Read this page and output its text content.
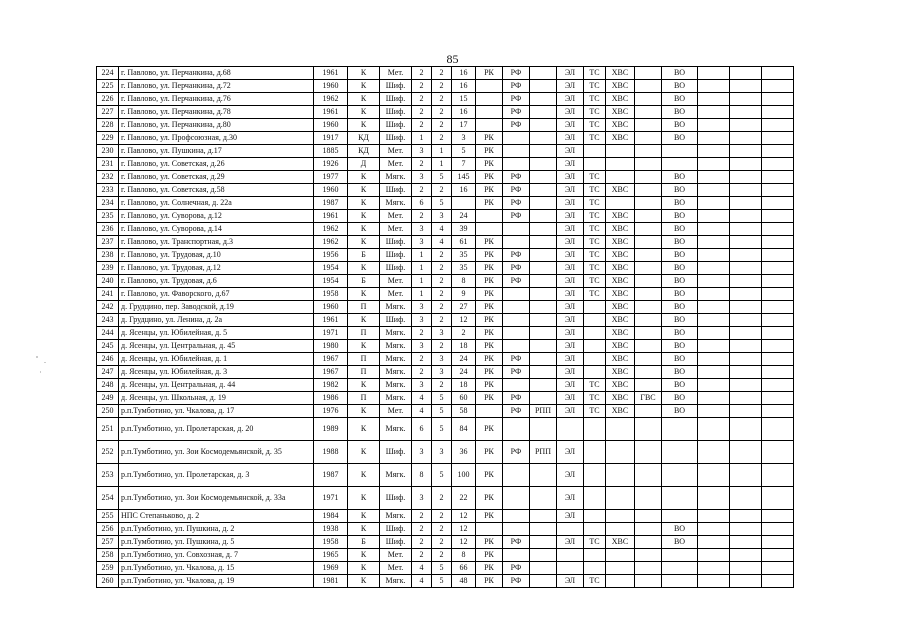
85
224	г. Павлово, ул. Перчанкина, д.68	1961	К	Мет.	2	2	16	РК	РФ		ЭЛ	ТС	ХВС		ВО			
225	г. Павлово, ул. Перчанкина, д.72	1960	К	Шиф.	2	2	16		РФ		ЭЛ	ТС	ХВС		ВО			
226	г. Павлово, ул. Перчанкина, д.76	1962	К	Шиф.	2	2	15		РФ		ЭЛ	ТС	ХВС		ВО			
227	г. Павлово, ул. Перчанкина, д.78	1961	К	Шиф.	2	2	16		РФ		ЭЛ	ТС	ХВС		ВО			
228	г. Павлово, ул. Перчанкина, д.80	1960	К	Шиф.	2	2	17		РФ		ЭЛ	ТС	ХВС		ВО			
229	г. Павлово, ул. Профсоюзная, д.30	1917	КД	Шиф.	1	2	3	РК			ЭЛ	ТС	ХВС		ВО			
230	г. Павлово, ул. Пушкина, д.17	1885	КД	Мет.	3	1	5	РК			ЭЛ							
231	г. Павлово, ул. Советская, д.26	1926	Д	Мет.	2	1	7	РК			ЭЛ							
232	г. Павлово, ул. Советская, д.29	1977	К	Мягк.	3	5	145	РК	РФ		ЭЛ	ТС			ВО			
233	г. Павлово, ул. Советская, д.58	1960	К	Шиф.	2	2	16	РК	РФ		ЭЛ	ТС	ХВС		ВО			
234	г. Павлово, ул. Солнечная, д. 22а	1987	К	Мягк.	6	5		РК	РФ		ЭЛ	ТС			ВО			
235	г. Павлово, ул. Суворова, д.12	1961	К	Мет.	2	3	24		РФ		ЭЛ	ТС	ХВС		ВО			
236	г. Павлово, ул. Суворова, д.14	1962	К	Мет.	3	4	39				ЭЛ	ТС	ХВС		ВО			
237	г. Павлово, ул. Транспортная, д.3	1962	К	Шиф.	3	4	61	РК			ЭЛ	ТС	ХВС		ВО			
238	г. Павлово, ул. Трудовая, д.10	1956	Б	Шиф.	1	2	35	РК	РФ		ЭЛ	ТС	ХВС		ВО			
239	г. Павлово, ул. Трудовая, д.12	1954	К	Шиф.	1	2	35	РК	РФ		ЭЛ	ТС	ХВС		ВО			
240	г. Павлово, ул. Трудовая, д.6	1954	Б	Мет.	1	2	8	РК	РФ		ЭЛ	ТС	ХВС		ВО			
241	г. Павлово, ул. Фаворского, д.67	1958	К	Мет.	1	2	9	РК			ЭЛ	ТС	ХВС		ВО			
242	д. Грудцино, пер. Заводской, д.19	1960	П	Мягк.	3	2	27	РК			ЭЛ		ХВС		ВО			
243	д. Грудцино, ул. Ленина, д. 2а	1961	К	Шиф.	3	2	12	РК			ЭЛ		ХВС		ВО			
244	д. Ясенцы, ул. Юбилейная, д. 5	1971	П	Мягк.	2	3	2	РК			ЭЛ		ХВС		ВО			
245	д. Ясенцы, ул. Центральная, д. 45	1980	К	Мягк.	3	2	18	РК			ЭЛ		ХВС		ВО			
246	д. Ясенцы, ул. Юбилейная, д. 1	1967	П	Мягк.	2	3	24	РК	РФ		ЭЛ		ХВС		ВО			
247	д. Ясенцы, ул. Юбилейная, д. 3	1967	П	Мягк.	2	3	24	РК	РФ		ЭЛ		ХВС		ВО			
248	д. Ясенцы, ул. Центральная, д. 44	1982	К	Мягк.	3	2	18	РК			ЭЛ	ТС	ХВС		ВО			
249	д. Ясенцы, ул. Школьная, д. 19	1986	П	Мягк.	4	5	60	РК	РФ		ЭЛ	ТС	ХВС	ГВС	ВО			
250	р.п.Тумботино, ул. Чкалова, д. 17	1976	К	Мет.	4	5	58		РФ	РПП	ЭЛ	ТС	ХВС		ВО			
251	р.п.Тумботино, ул. Пролетарская, д. 20	1989	К	Мягк.	6	5	84	РК										
252	р.п.Тумботино, ул. Зои Космодемьянской, д. 35	1988	К	Шиф.	3	3	36	РК	РФ	РПП	ЭЛ							
253	р.п.Тумботино, ул. Пролетарская, д. 3	1987	К	Мягк.	8	5	100	РК			ЭЛ							
254	р.п.Тумботино, ул. Зои Космодемьянской, д. 33а	1971	К	Шиф.	3	2	22	РК			ЭЛ							
255	НПС Степаньково, д. 2	1984	К	Мягк.	2	2	12	РК			ЭЛ							
256	р.п.Тумботино, ул. Пушкина, д. 2	1938	К	Шиф.	2	2	12								ВО			
257	р.п.Тумботино, ул. Пушкина, д. 5	1958	Б	Шиф.	2	2	12	РК	РФ		ЭЛ	ТС	ХВС		ВО			
258	р.п.Тумботино, ул. Совхозная, д. 7	1965	К	Мет.	2	2	8	РК										
259	р.п.Тумботино, ул. Чкалова, д. 15	1969	К	Мет.	4	5	66	РК	РФ									
260	р.п.Тумботино, ул. Чкалова, д. 19	1981	К	Мягк.	4	5	48	РК	РФ		ЭЛ	ТС						
